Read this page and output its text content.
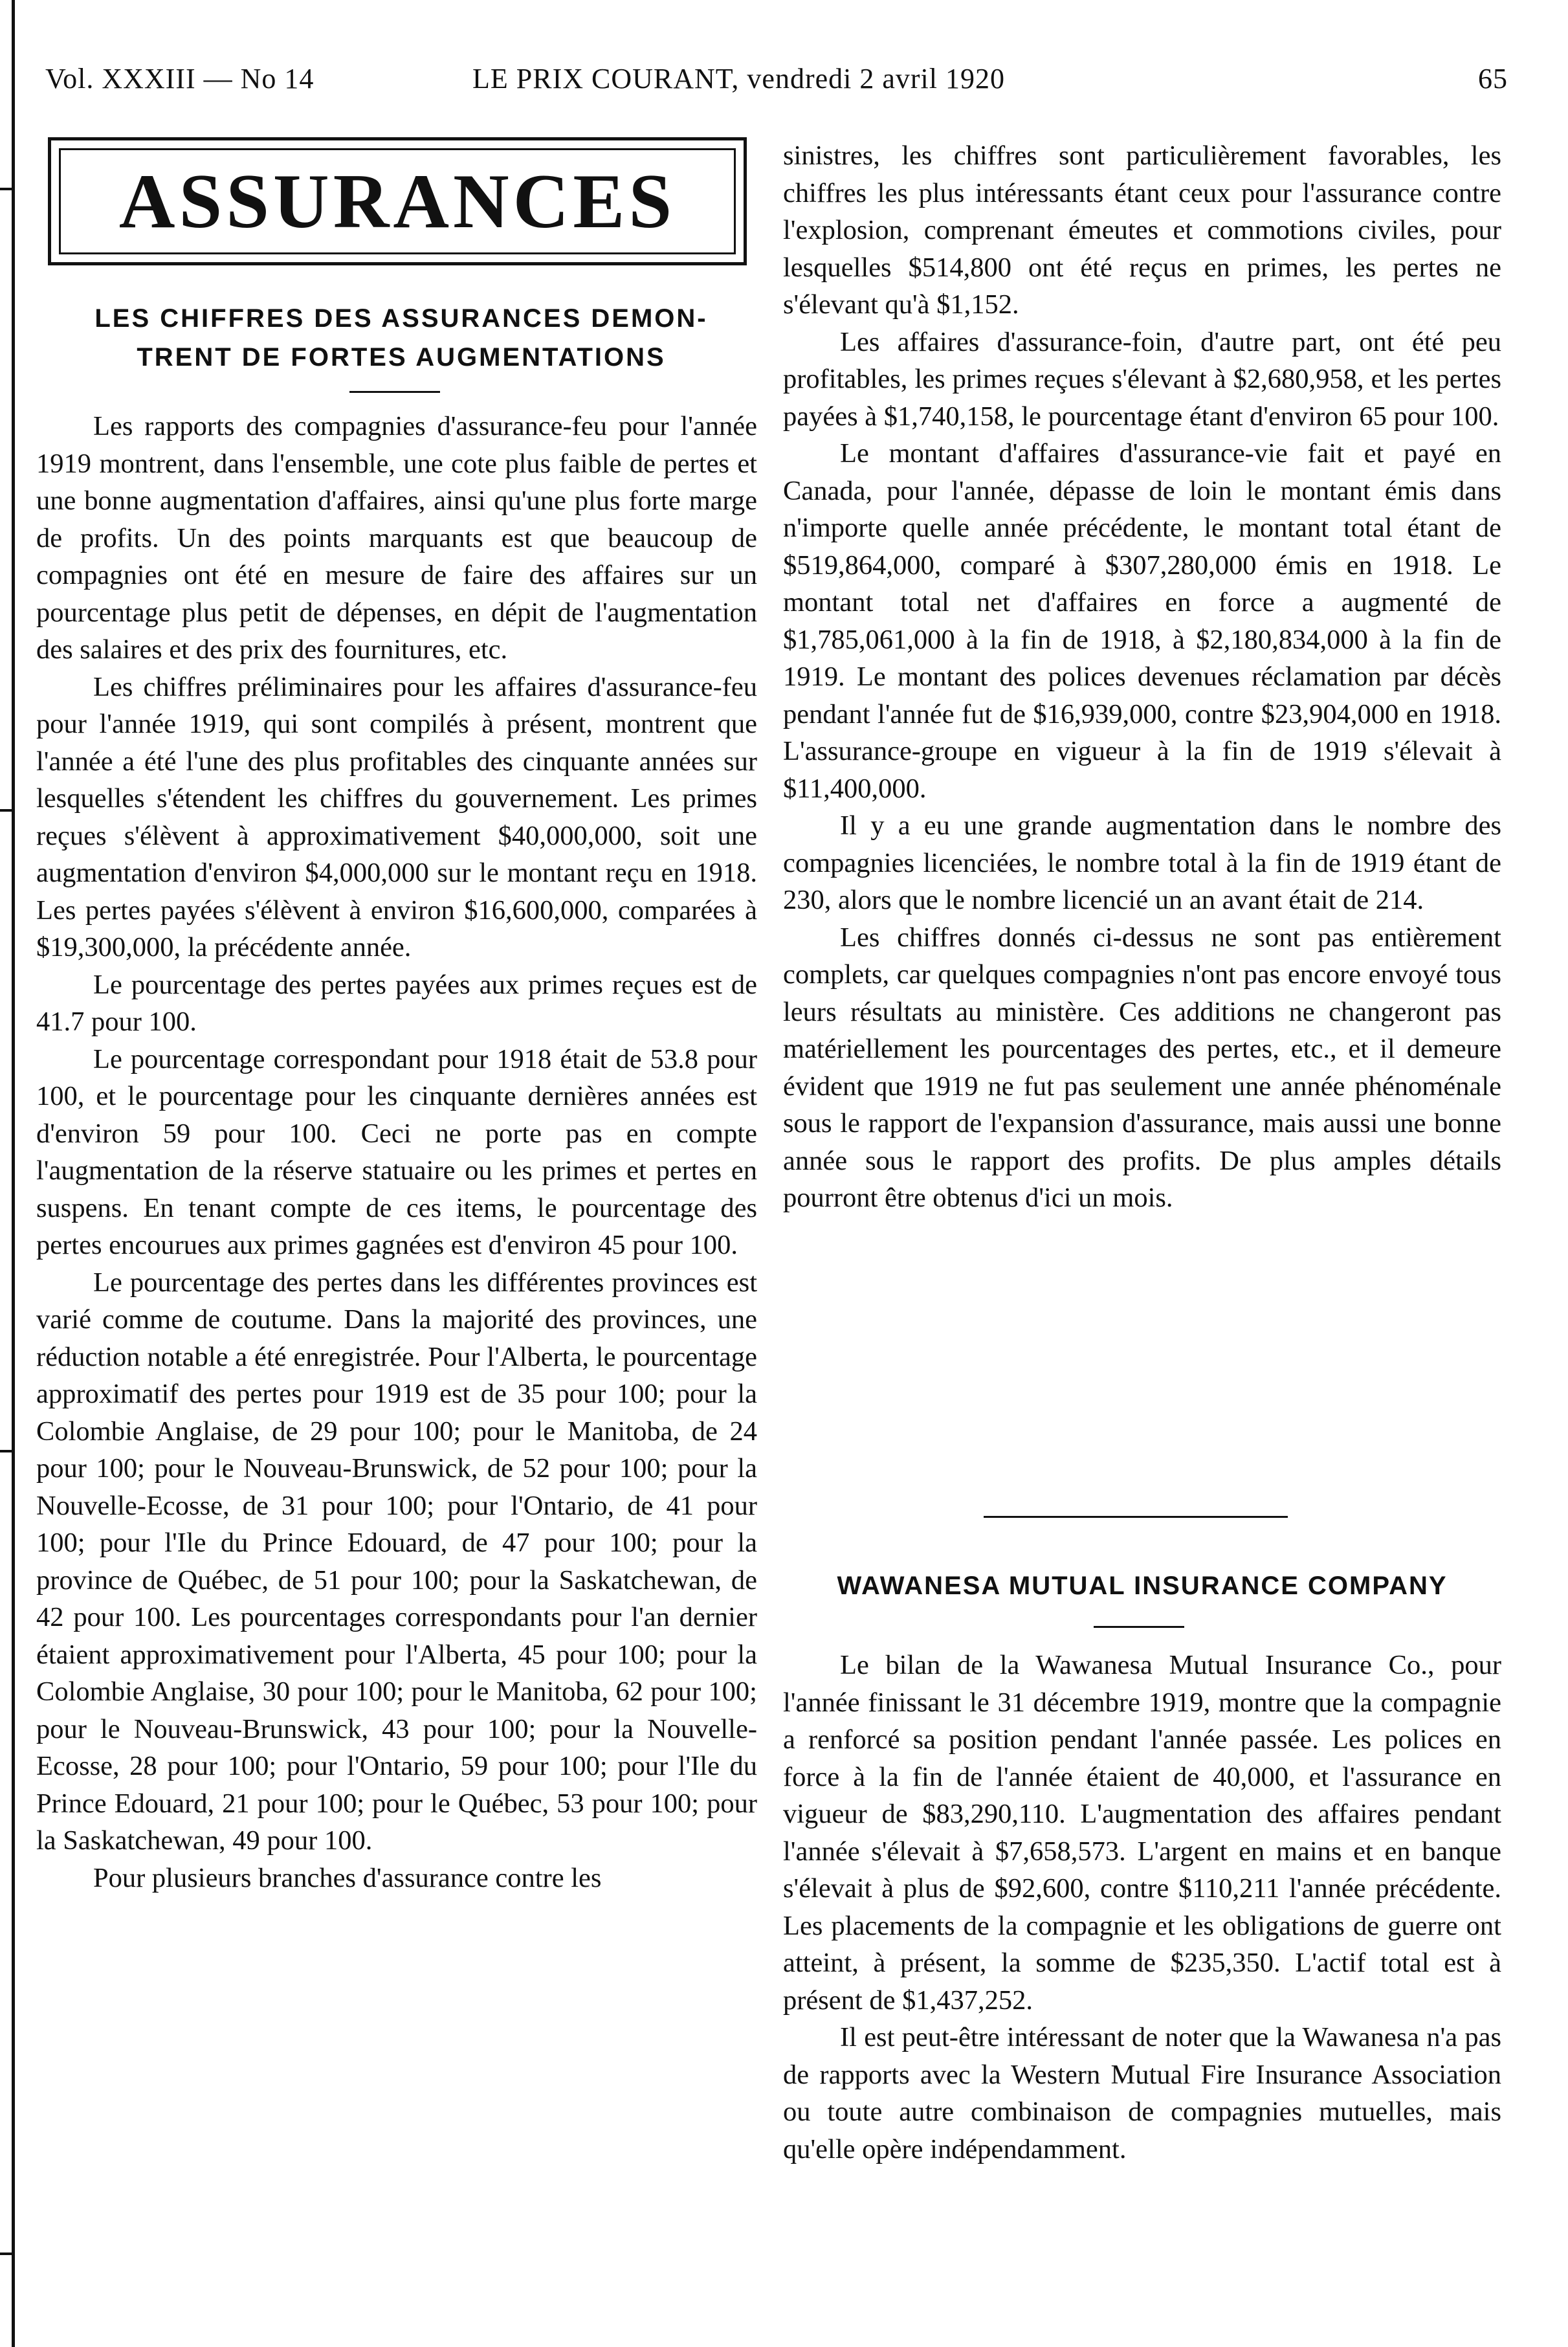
Vol. XXXIII — No 14	LE PRIX COURANT, vendredi 2 avril 1920	65
ASSURANCES

LES CHIFFRES DES ASSURANCES DEMON-

TRENT DE FORTES AUGMENTATIONS

Les rapports des compagnies d'assurance-feu pour l'année 1919 montrent, dans l'ensemble, une cote plus faible de pertes et une bonne augmentation d'affaires, ainsi qu'une plus forte marge de profits. Un des points marquants est que beaucoup de compagnies ont été en mesure de faire des affaires sur un pourcentage plus petit de dépenses, en dépit de l'augmentation des salaires et des prix des fournitures, etc.

Les chiffres préliminaires pour les affaires d'assurance-feu pour l'année 1919, qui sont compilés à présent, montrent que l'année a été l'une des plus profitables des cinquante années sur lesquelles s'étendent les chiffres du gouvernement. Les primes reçues s'élèvent à approximativement $40,000,000, soit une augmentation d'environ $4,000,000 sur le montant reçu en 1918. Les pertes payées s'élèvent à environ $16,600,000, comparées à $19,300,000, la précédente année.

Le pourcentage des pertes payées aux primes reçues est de 41.7 pour 100.

Le pourcentage correspondant pour 1918 était de 53.8 pour 100, et le pourcentage pour les cinquante dernières années est d'environ 59 pour 100. Ceci ne porte pas en compte l'augmentation de la réserve statuaire ou les primes et pertes en suspens. En tenant compte de ces items, le pourcentage des pertes encourues aux primes gagnées est d'environ 45 pour 100.

Le pourcentage des pertes dans les différentes provinces est varié comme de coutume. Dans la majorité des provinces, une réduction notable a été enregistrée. Pour l'Alberta, le pourcentage approximatif des pertes pour 1919 est de 35 pour 100; pour la Colombie Anglaise, de 29 pour 100; pour le Manitoba, de 24 pour 100; pour le Nouveau-Brunswick, de 52 pour 100; pour la Nouvelle-Ecosse, de 31 pour 100; pour l'Ontario, de 41 pour 100; pour l'Ile du Prince Edouard, de 47 pour 100; pour la province de Québec, de 51 pour 100; pour la Saskatchewan, de 42 pour 100. Les pourcentages correspondants pour l'an dernier étaient approximativement pour l'Alberta, 45 pour 100; pour la Colombie Anglaise, 30 pour 100; pour le Manitoba, 62 pour 100; pour le Nouveau-Brunswick, 43 pour 100; pour la Nouvelle-Ecosse, 28 pour 100; pour l'Ontario, 59 pour 100; pour l'Ile du Prince Edouard, 21 pour 100; pour le Québec, 53 pour 100; pour la Saskatchewan, 49 pour 100.

Pour plusieurs branches d'assurance contre les

sinistres, les chiffres sont particulièrement favorables, les chiffres les plus intéressants étant ceux pour l'assurance contre l'explosion, comprenant émeutes et commotions civiles, pour lesquelles $514,800 ont été reçus en primes, les pertes ne s'élevant qu'à $1,152.

Les affaires d'assurance-foin, d'autre part, ont été peu profitables, les primes reçues s'élevant à $2,680,958, et les pertes payées à $1,740,158, le pourcentage étant d'environ 65 pour 100.

Le montant d'affaires d'assurance-vie fait et payé en Canada, pour l'année, dépasse de loin le montant émis dans n'importe quelle année précédente, le montant total étant de $519,864,000, comparé à $307,280,000 émis en 1918. Le montant total net d'affaires en force a augmenté de $1,785,061,000 à la fin de 1918, à $2,180,834,000 à la fin de 1919. Le montant des polices devenues réclamation par décès pendant l'année fut de $16,939,000, contre $23,904,000 en 1918. L'assurance-groupe en vigueur à la fin de 1919 s'élevait à $11,400,000.

Il y a eu une grande augmentation dans le nombre des compagnies licenciées, le nombre total à la fin de 1919 étant de 230, alors que le nombre licencié un an avant était de 214.

Les chiffres donnés ci-dessus ne sont pas entièrement complets, car quelques compagnies n'ont pas encore envoyé tous leurs résultats au ministère. Ces additions ne changeront pas matériellement les pourcentages des pertes, etc., et il demeure évident que 1919 ne fut pas seulement une année phénoménale sous le rapport de l'expansion d'assurance, mais aussi une bonne année sous le rapport des profits. De plus amples détails pourront être obtenus d'ici un mois.

WAWANESA MUTUAL INSURANCE COMPANY

Le bilan de la Wawanesa Mutual Insurance Co., pour l'année finissant le 31 décembre 1919, montre que la compagnie a renforcé sa position pendant l'année passée. Les polices en force à la fin de l'année étaient de 40,000, et l'assurance en vigueur de $83,290,110. L'augmentation des affaires pendant l'année s'élevait à $7,658,573. L'argent en mains et en banque s'élevait à plus de $92,600, contre $110,211 l'année précédente. Les placements de la compagnie et les obligations de guerre ont atteint, à présent, la somme de $235,350. L'actif total est à présent de $1,437,252.

Il est peut-être intéressant de noter que la Wawanesa n'a pas de rapports avec la Western Mutual Fire Insurance Association ou toute autre combinaison de compagnies mutuelles, mais qu'elle opère indépendamment.
